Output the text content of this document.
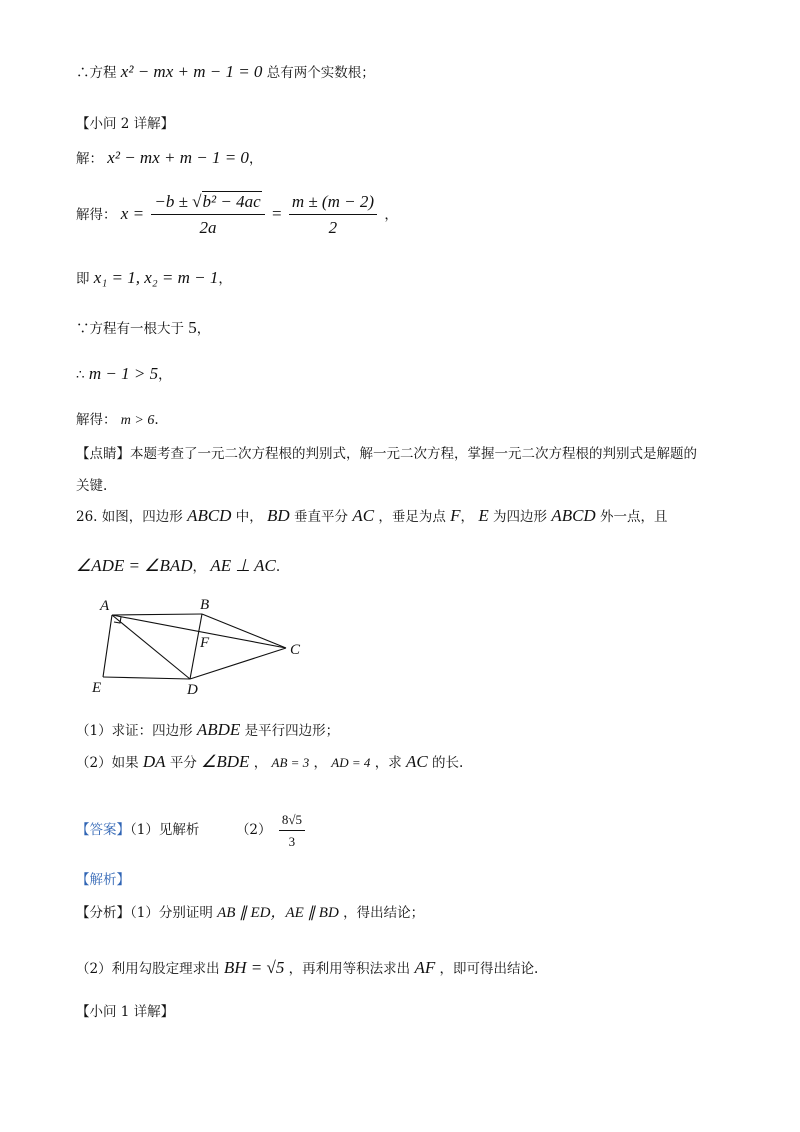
∴方程 x² − mx + m − 1 = 0 总有两个实数根；
【小问 2 详解】
解： x² − mx + m − 1 = 0，
解得： $x = \frac{\text{−b ± √b² − 4ac}}{2a} = \frac{m \pm (m - 2)}{2}$ ，
即 x₁ = 1, x₂ = m − 1，
∵方程有一根大于 5，
∴ m − 1 > 5，
解得： m > 6.
【点睛】本题考查了一元二次方程根的判别式，解一元二次方程，掌握一元二次方程根的判别式是解题的
关键.
26. 如图，四边形 ABCD 中， BD 垂直平分 AC ，垂足为点 F， E 为四边形 ABCD 外一点，且
∠ADE = ∠BAD， AE ⊥ AC.
A	B
C
D
E
F
（1）求证：四边形 ABDE 是平行四边形；
（2）如果 DA 平分 ∠BDE ， AB = 3 ， AD = 4 ，求 AC 的长.
【答案】（1）见解析	$(2) \frac{8√5}{3}$
【解析】
【分析】（1）分别证明 AB ∥ ED，AE ∥ BD ，得出结论；
（2）利用勾股定理求出 BH = √5 ，再利用等积法求出 AF ，即可得出结论.
【小问 1 详解】
